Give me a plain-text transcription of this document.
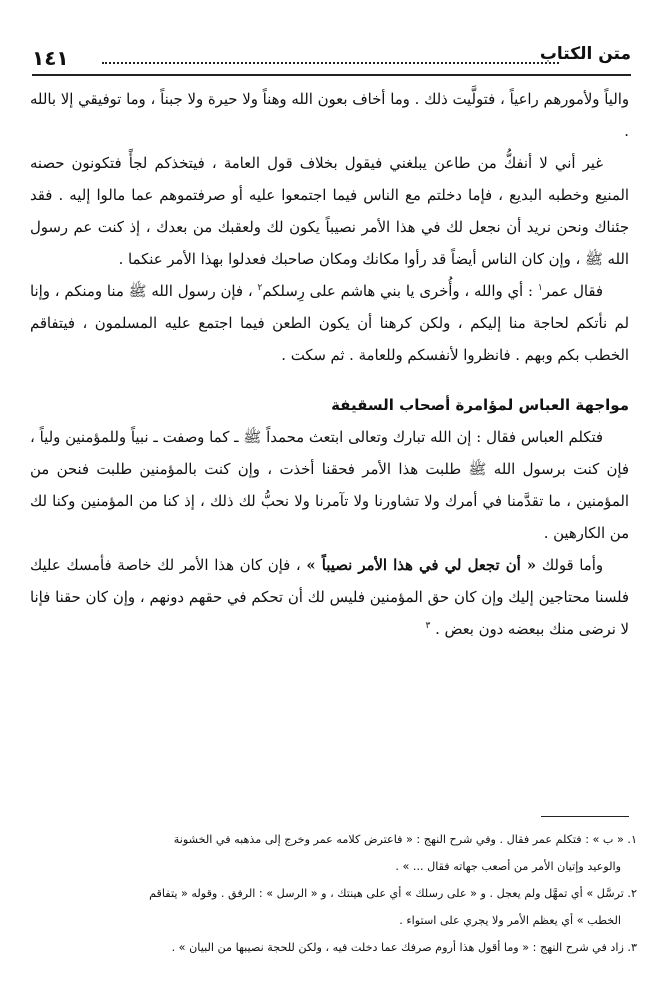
١٤١	متن الكتاب

والياً ولأمورهم راعياً ، فتولَّيت ذلك . وما أخاف بعون الله وهناً ولا حيرة ولا جبناً ، وما توفيقي إلا بالله .

غير أني لا أنفكُّ من طاعن يبلغني فيقول بخلاف قول العامة ، فيتخذكم لجأً فتكونون حصنه المنيع وخطبه البديع ، فإما دخلتم مع الناس فيما اجتمعوا عليه أو صرفتموهم عما مالوا إليه . فقد جئناك ونحن نريد أن نجعل لك في هذا الأمر نصيباً يكون لك ولعقبك من بعدك ، إذ كنت عم رسول الله ﷺ ، وإن كان الناس أيضاً قد رأوا مكانك ومكان صاحبك فعدلوا بهذا الأمر عنكما .

فقال عمر$^١$ : أي والله ، وأُخرى يا بني هاشم على رِسلكم$^٢$ ، فإن رسول الله ﷺ منا ومنكم ، وإنا لم نأتكم لحاجة منا إليكم ، ولكن كرهنا أن يكون الطعن فيما اجتمع عليه المسلمون ، فيتفاقم الخطب بكم وبهم . فانظروا لأنفسكم وللعامة . ثم سكت .

مواجهة العباس لمؤامرة أصحاب السقيفة

فتكلم العباس فقال : إن الله تبارك وتعالى ابتعث محمداً ﷺ ـ كما وصفت ـ نبياً وللمؤمنين ولياً ، فإن كنت برسول الله ﷺ طلبت هذا الأمر فحقنا أخذت ، وإن كنت بالمؤمنين طلبت فنحن من المؤمنين ، ما تقدَّمنا في أمرك ولا تشاورنا ولا تآمرنا ولا نحبُّ لك ذلك ، إذ كنا من المؤمنين وكنا لك من الكارهين .

وأما قولك « أن تجعل لي في هذا الأمر نصيباً » ، فإن كان هذا الأمر لك خاصة فأمسك عليك فلسنا محتاجين إليك وإن كان حق المؤمنين فليس لك أن تحكم في حقهم دونهم ، وإن كان حقنا فإنا لا نرضى منك ببعضه دون بعض . $^٣$

١. « ب » : فتكلم عمر فقال . وفي شرح النهج : « فاعترض كلامه عمر وخرج إلى مذهبه في الخشونة

والوعيد وإتيان الأمر من أصعب جهاته فقال ... » .

٢. ترسَّل » أي تمهَّل ولم يعجل . و « على رسلك » أي على هينتك ، و « الرسل » : الرفق . وقوله « يتفاقم

الخطب » أي يعظم الأمر ولا يجري على استواء .

٣. زاد في شرح النهج : « وما أقول هذا أروم صرفك عما دخلت فيه ، ولكن للحجة نصيبها من البيان » .
